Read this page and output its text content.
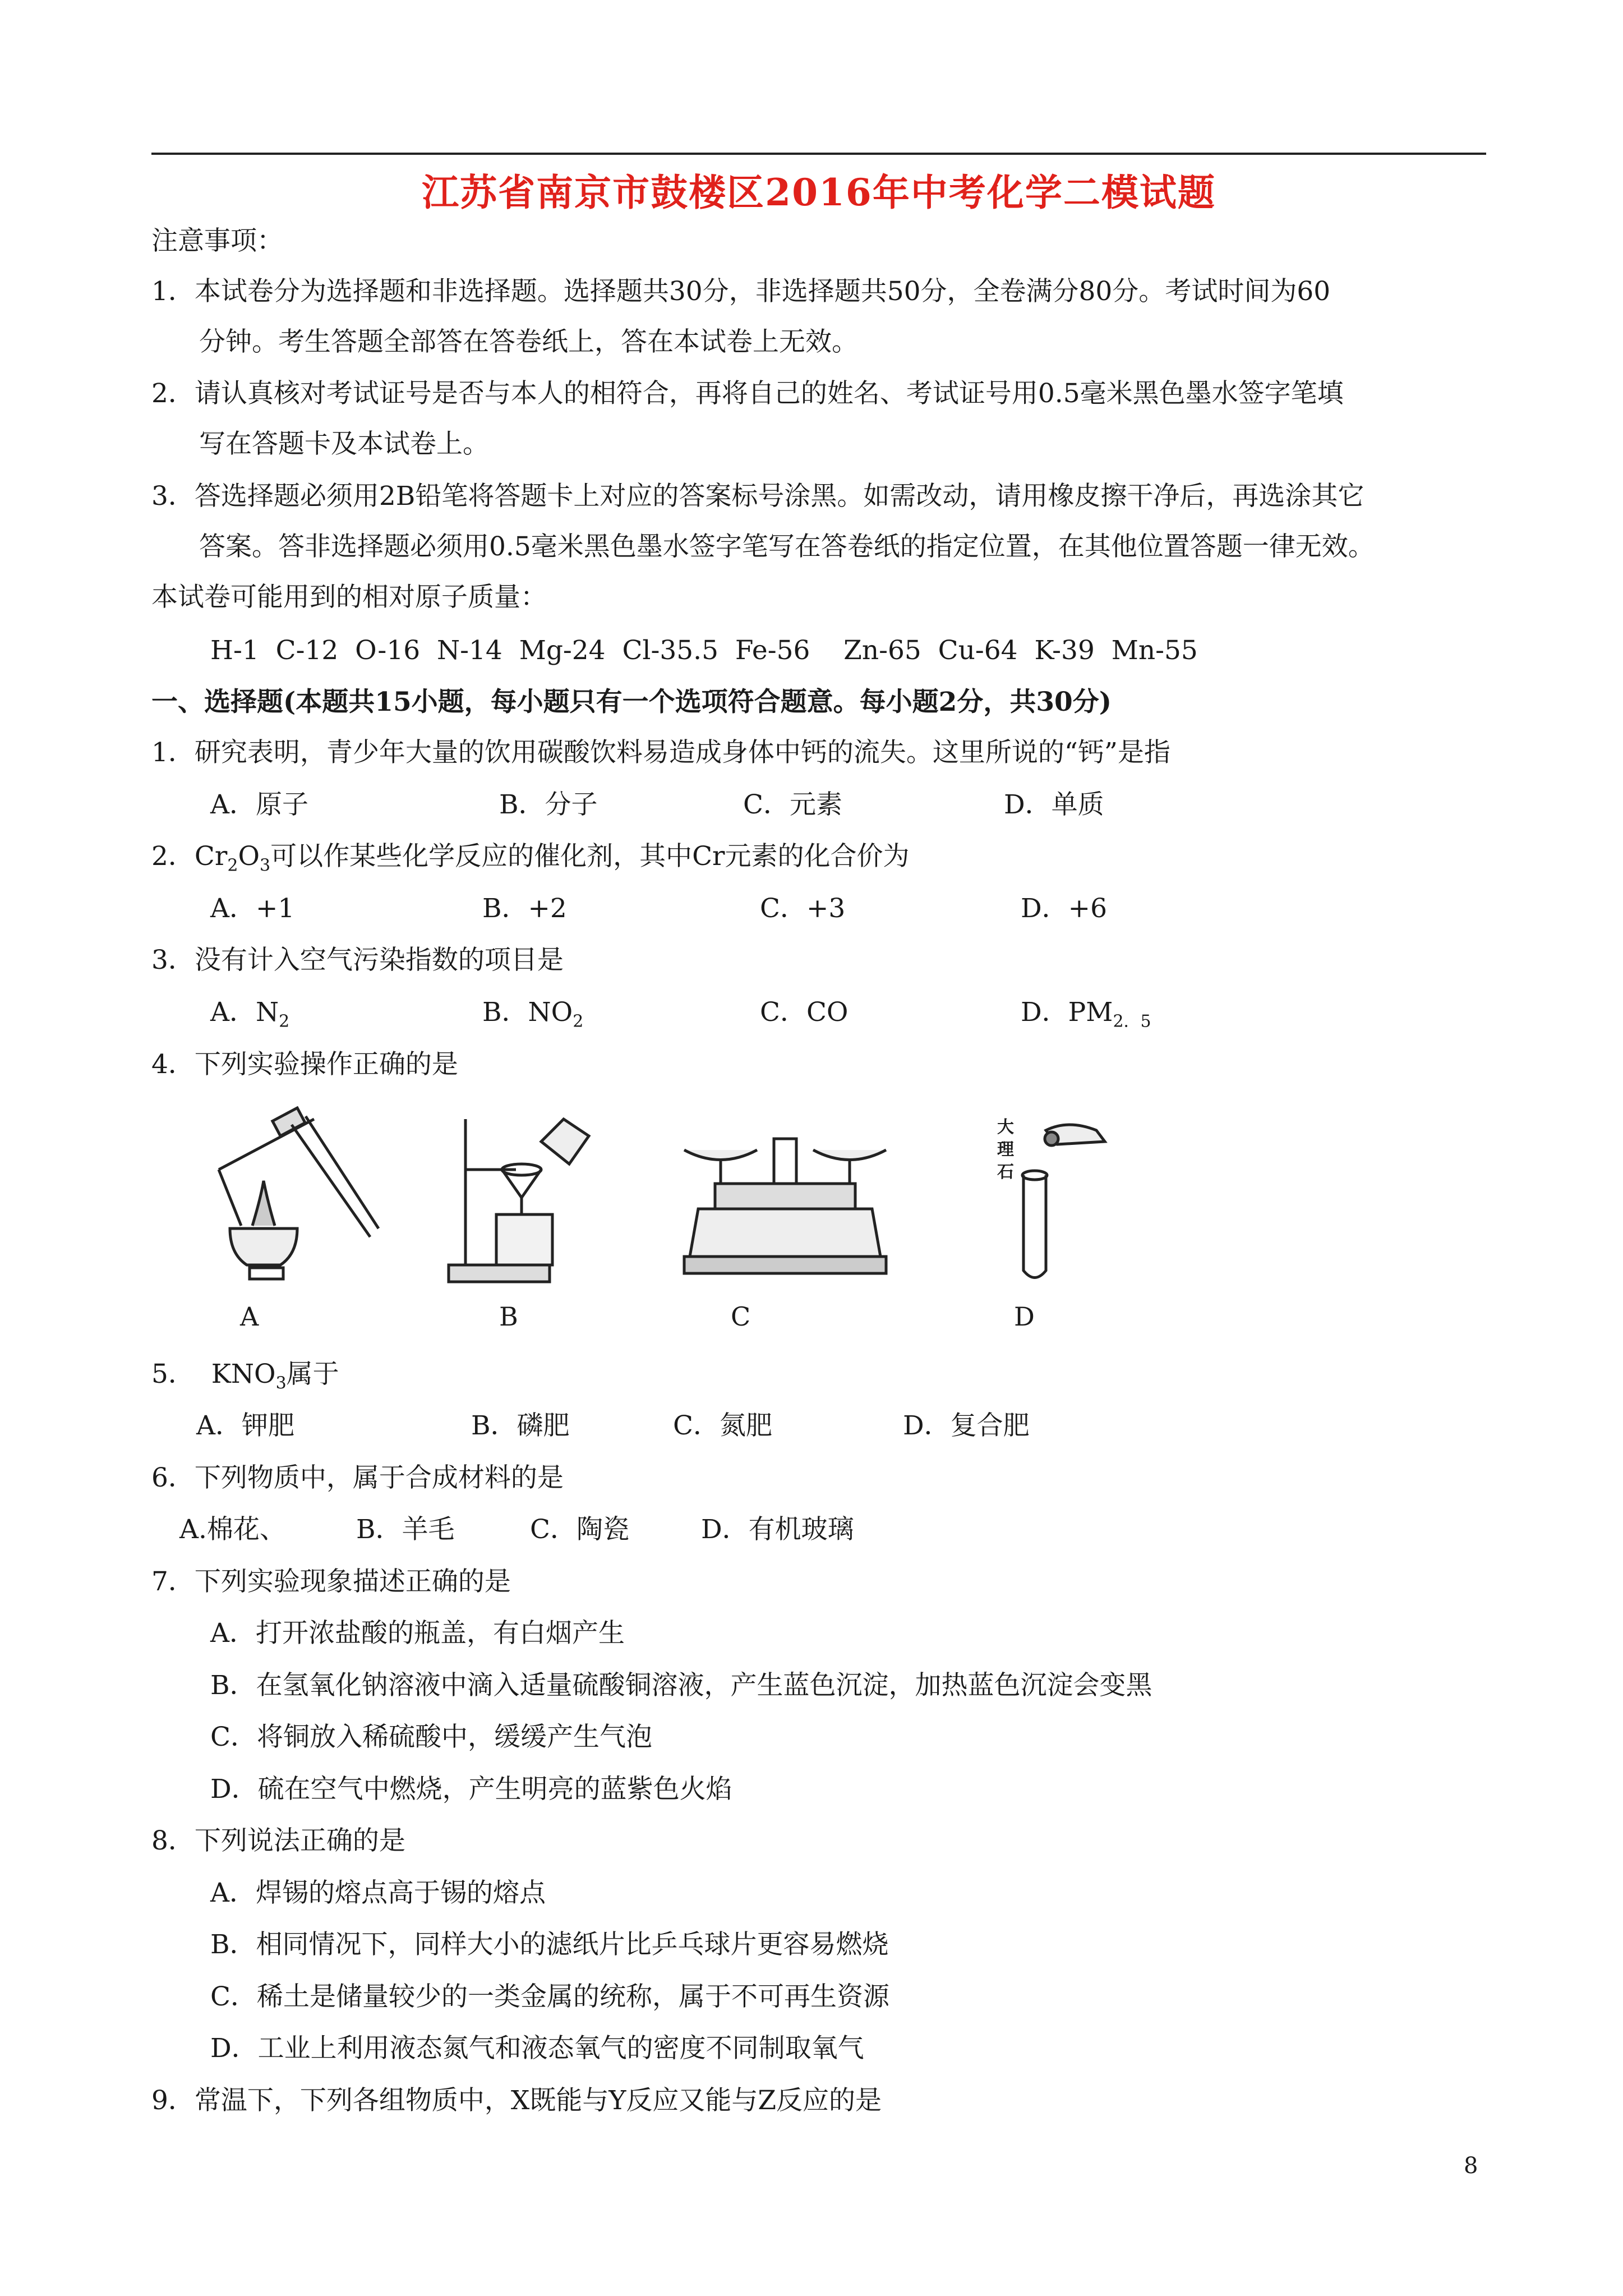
江苏省南京市鼓楼区2016年中考化学二模试题
注意事项：
1．本试卷分为选择题和非选择题。选择题共30分，非选择题共50分，全卷满分80分。考试时间为60
分钟。考生答题全部答在答卷纸上，答在本试卷上无效。
2．请认真核对考试证号是否与本人的相符合，再将自己的姓名、考试证号用0.5毫米黑色墨水签字笔填
写在答题卡及本试卷上。
3．答选择题必须用2B铅笔将答题卡上对应的答案标号涂黑。如需改动，请用橡皮擦干净后，再选涂其它
答案。答非选择题必须用0.5毫米黑色墨水签字笔写在答卷纸的指定位置，在其他位置答题一律无效。
本试卷可能用到的相对原子质量：
H-1  C-12  O-16  N-14  Mg-24  Cl-35.5  Fe-56    Zn-65  Cu-64  K-39  Mn-55
一、选择题(本题共15小题，每小题只有一个选项符合题意。每小题2分，共30分)
1．研究表明，青少年大量的饮用碳酸饮料易造成身体中钙的流失。这里所说的“钙”是指
A．原子	B．分子	C．元素	D．单质
2．$Cr_2O_3$可以作某些化学反应的催化剂，其中Cr元素的化合价为
A．+1	B．+2	C．+3	D．+6
3．没有计入空气污染指数的项目是
A．$N_2$	B．$NO_2$	C．CO	D．$PM_{2.5}$
4．下列实验操作正确的是
A	B	C
大理石
D
5．  $KNO_3$属于
A．钾肥	B．磷肥	C．氮肥	D．复合肥
6．下列物质中，属于合成材料的是
A.棉花、	B．羊毛	C．陶瓷	D．有机玻璃
7．下列实验现象描述正确的是
A．打开浓盐酸的瓶盖，有白烟产生
B．在氢氧化钠溶液中滴入适量硫酸铜溶液，产生蓝色沉淀，加热蓝色沉淀会变黑
C．将铜放入稀硫酸中，缓缓产生气泡
D．硫在空气中燃烧，产生明亮的蓝紫色火焰
8．下列说法正确的是
A．焊锡的熔点高于锡的熔点
B．相同情况下，同样大小的滤纸片比乒乓球片更容易燃烧
C．稀土是储量较少的一类金属的统称，属于不可再生资源
D．工业上利用液态氮气和液态氧气的密度不同制取氧气
9．常温下，下列各组物质中，X既能与Y反应又能与Z反应的是
8
